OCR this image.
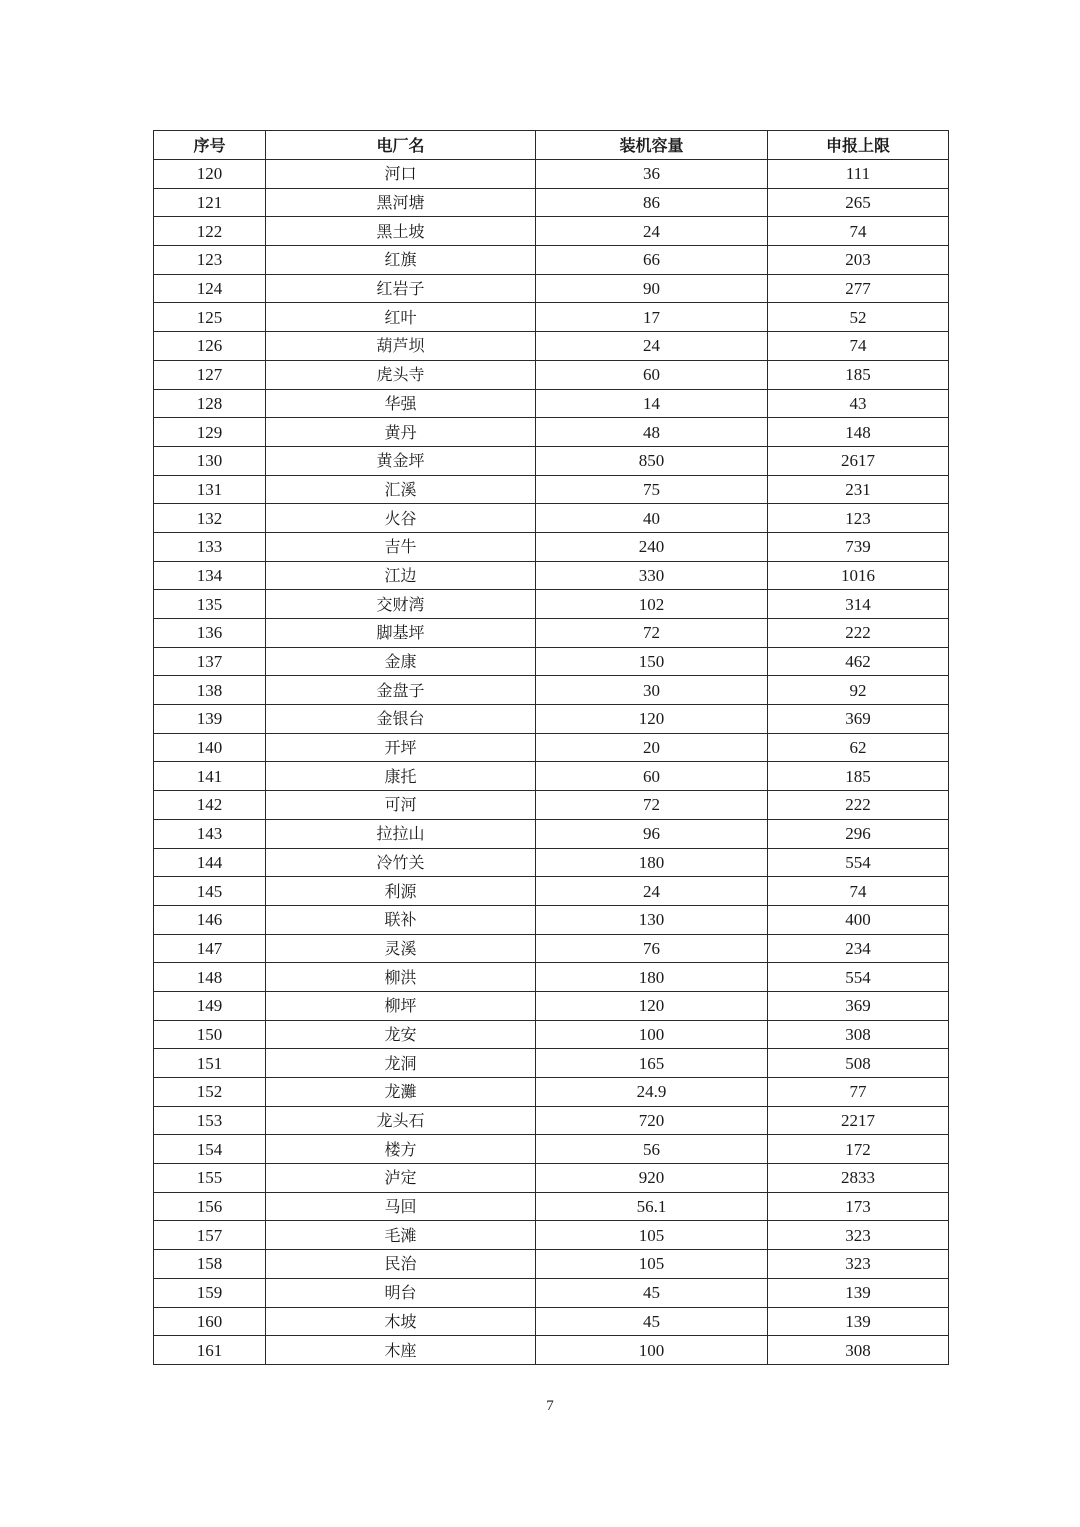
序号	电厂名	装机容量	申报上限
120	河口	36	111
121	黑河塘	86	265
122	黑土坡	24	74
123	红旗	66	203
124	红岩子	90	277
125	红叶	17	52
126	葫芦坝	24	74
127	虎头寺	60	185
128	华强	14	43
129	黄丹	48	148
130	黄金坪	850	2617
131	汇溪	75	231
132	火谷	40	123
133	吉牛	240	739
134	江边	330	1016
135	交财湾	102	314
136	脚基坪	72	222
137	金康	150	462
138	金盘子	30	92
139	金银台	120	369
140	开坪	20	62
141	康托	60	185
142	可河	72	222
143	拉拉山	96	296
144	冷竹关	180	554
145	利源	24	74
146	联补	130	400
147	灵溪	76	234
148	柳洪	180	554
149	柳坪	120	369
150	龙安	100	308
151	龙洞	165	508
152	龙灘	24.9	77
153	龙头石	720	2217
154	楼方	56	172
155	泸定	920	2833
156	马回	56.1	173
157	毛滩	105	323
158	民治	105	323
159	明台	45	139
160	木坡	45	139
161	木座	100	308
7
